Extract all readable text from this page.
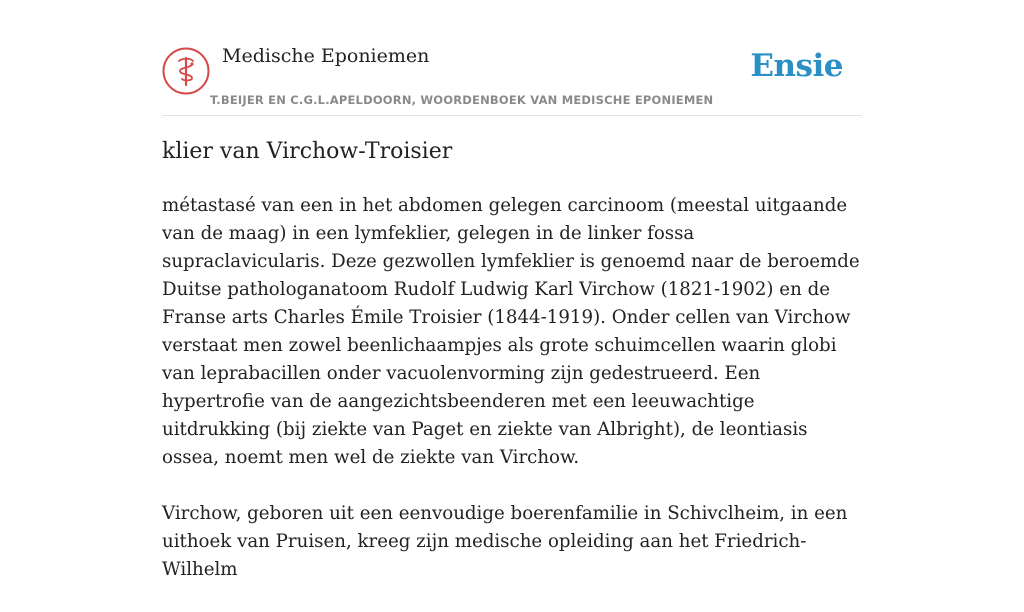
Medische Eponiemen
T.BEIJER EN C.G.L.APELDOORN, WOORDENBOEK VAN MEDISCHE EPONIEMEN
Ensie
klier van Virchow-Troisier

métastasé van een in het abdomen gelegen carcinoom (meestal uitgaande van de maag) in een lymfeklier, gelegen in de linker fossa supraclavicularis. Deze gezwollen lymfeklier is genoemd naar de beroemde Duitse pathologanatoom Rudolf Ludwig Karl Virchow (1821-1902) en de Franse arts Charles Émile Troisier (1844-1919). Onder cellen van Virchow verstaat men zowel beenlichaampjes als grote schuimcellen waarin globi van leprabacillen onder vacuolenvorming zijn gedestrueerd. Een hypertrofie van de aangezichtsbeenderen met een leeuwachtige uitdrukking (bij ziekte van Paget en ziekte van Albright), de leontiasis ossea, noemt men wel de ziekte van Virchow.

Virchow, geboren uit een eenvoudige boerenfamilie in Schivclheim, in een uithoek van Pruisen, kreeg zijn medische opleiding aan het Friedrich-Wilhelm
